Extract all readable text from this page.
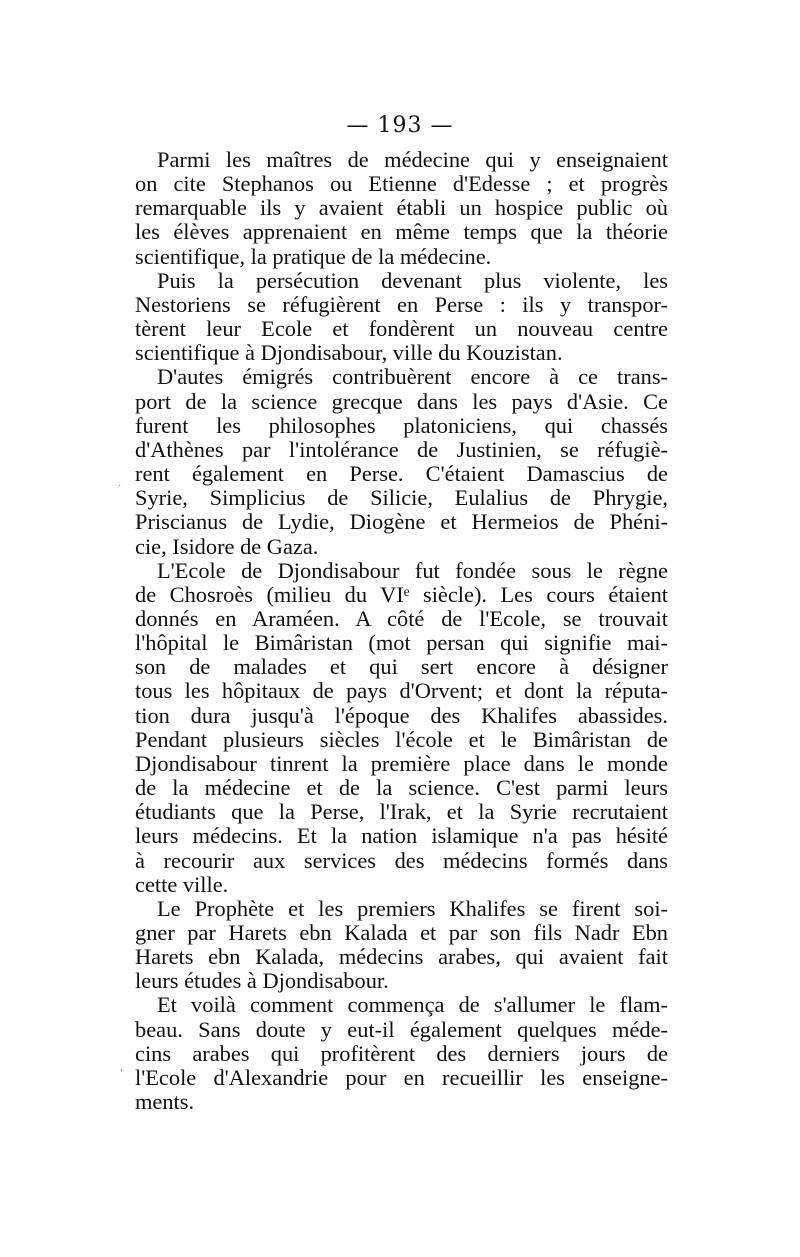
— 193 —
Parmi les maîtres de médecine qui y enseignaient
on cite Stephanos ou Etienne d'Edesse ; et progrès
remarquable ils y avaient établi un hospice public où
les élèves apprenaient en même temps que la théorie
scientifique, la pratique de la médecine.
Puis la persécution devenant plus violente, les
Nestoriens se réfugièrent en Perse : ils y transpor-
tèrent leur Ecole et fondèrent un nouveau centre
scientifique à Djondisabour, ville du Kouzistan.
D'autes émigrés contribuèrent encore à ce trans-
port de la science grecque dans les pays d'Asie. Ce
furent les philosophes platoniciens, qui chassés
d'Athènes par l'intolérance de Justinien, se réfugiè-
rent également en Perse. C'étaient Damascius de
Syrie, Simplicius de Silicie, Eulalius de Phrygie,
Priscianus de Lydie, Diogène et Hermeios de Phéni-
cie, Isidore de Gaza.
L'Ecole de Djondisabour fut fondée sous le règne
de Chosroès (milieu du VIᵉ siècle). Les cours étaient
donnés en Araméen. A côté de l'Ecole, se trouvait
l'hôpital le Bimâristan (mot persan qui signifie mai-
son de malades et qui sert encore à désigner
tous les hôpitaux de pays d'Orvent; et dont la réputa-
tion dura jusqu'à l'époque des Khalifes abassides.
Pendant plusieurs siècles l'école et le Bimâristan de
Djondisabour tinrent la première place dans le monde
de la médecine et de la science. C'est parmi leurs
étudiants que la Perse, l'Irak, et la Syrie recrutaient
leurs médecins. Et la nation islamique n'a pas hésité
à recourir aux services des médecins formés dans
cette ville.
Le Prophète et les premiers Khalifes se firent soi-
gner par Harets ebn Kalada et par son fils Nadr Ebn
Harets ebn Kalada, médecins arabes, qui avaient fait
leurs études à Djondisabour.
Et voilà comment commença de s'allumer le flam-
beau. Sans doute y eut-il également quelques méde-
cins arabes qui profitèrent des derniers jours de
l'Ecole d'Alexandrie pour en recueillir les enseigne-
ments.
.
'
